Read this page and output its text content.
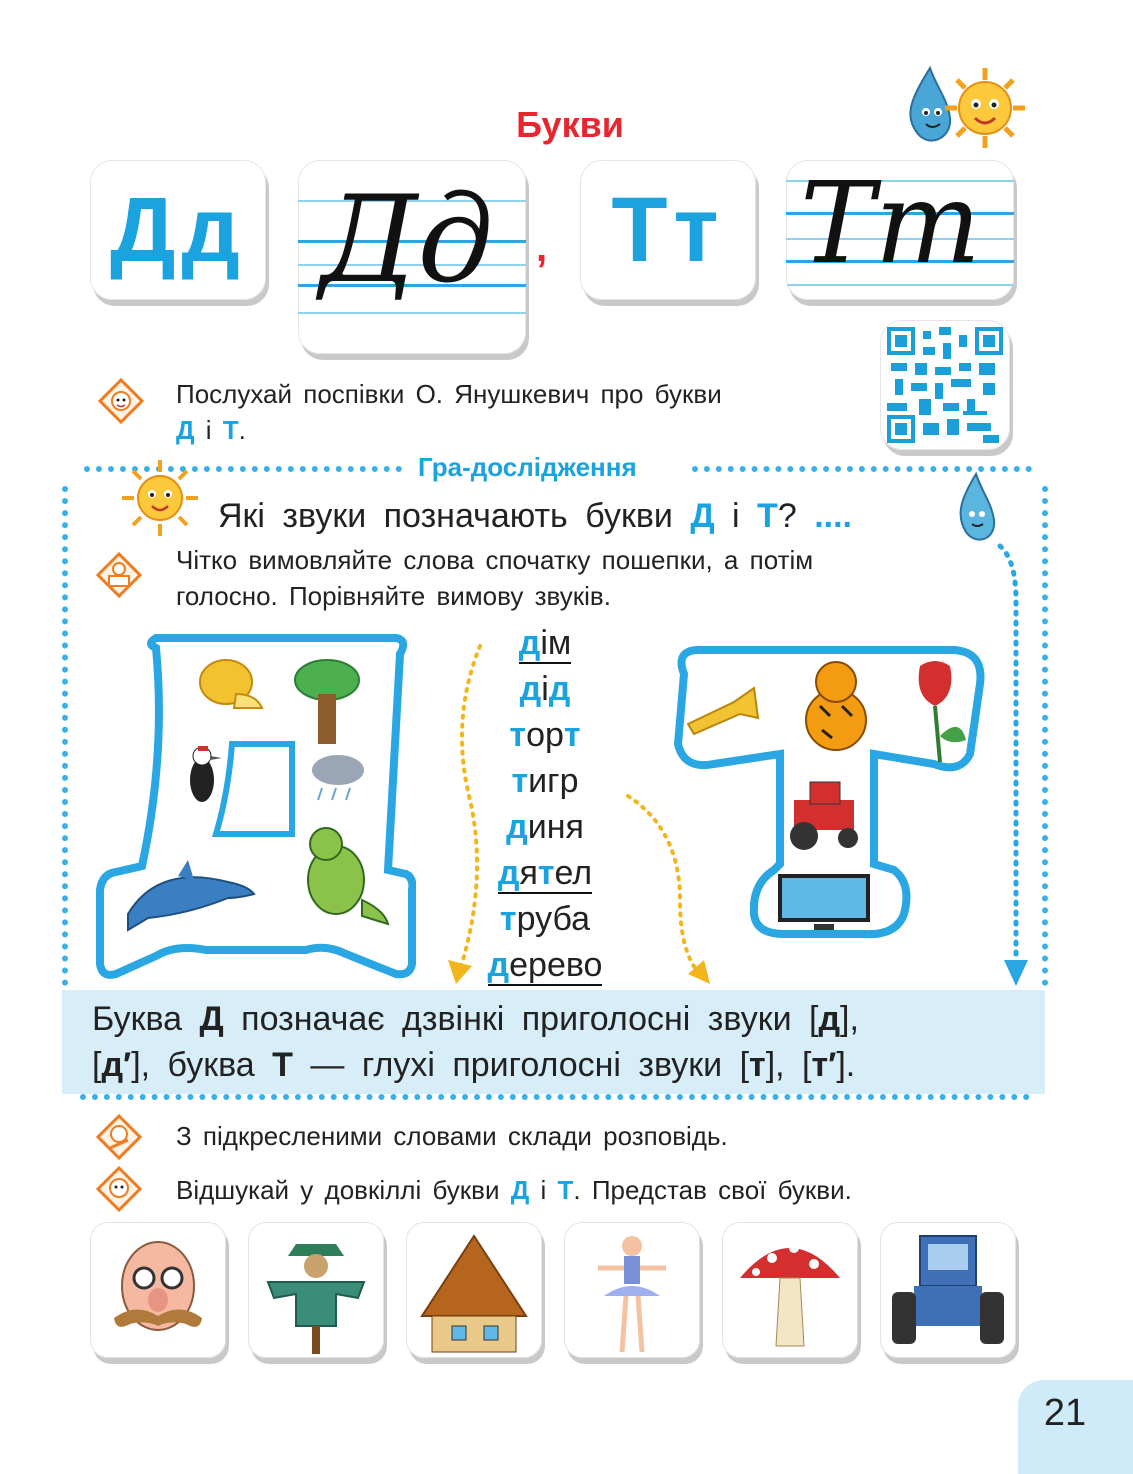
Букви
Дд Дд , Тт Тт
Послухай поспівки О. Янушкевич про букви
Д і Т.
Гра-дослідження
Які звуки позначають букви Д і Т? ....
Чітко вимовляйте слова спочатку пошепки, а потім
голосно. Порівняйте вимову звуків.
дім
дід
торт
тигр
диня
дятел
труба
дерево
Буква Д позначає дзвінкі приголосні звуки [д],
[д′], буква Т — глухі приголосні звуки [т], [т′].
З підкресленими словами склади розповідь.
Відшукай у довкіллі букви Д і Т. Представ свої букви.
21
